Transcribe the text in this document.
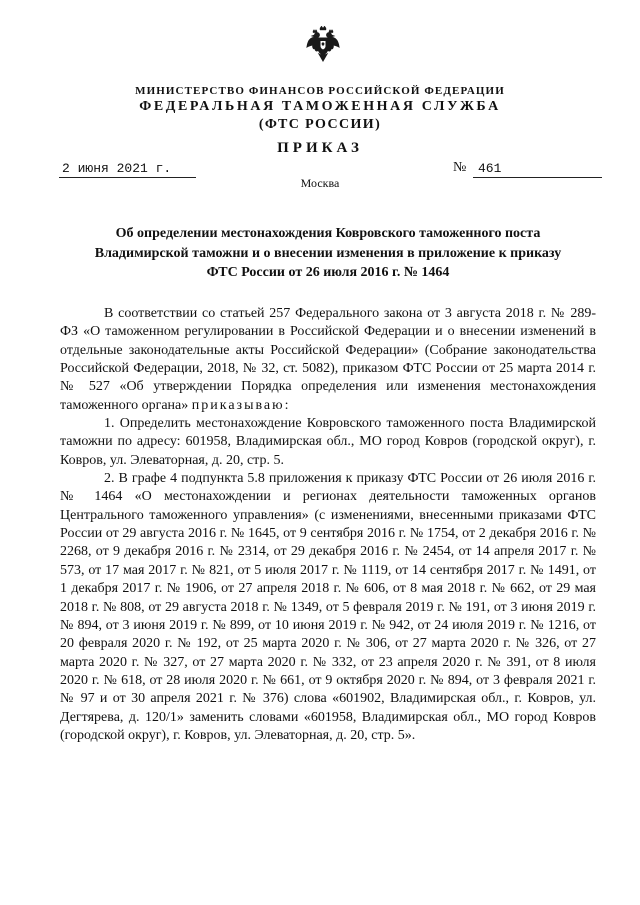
МИНИСТЕРСТВО ФИНАНСОВ РОССИЙСКОЙ ФЕДЕРАЦИИ
ФЕДЕРАЛЬНАЯ ТАМОЖЕННАЯ СЛУЖБА
(ФТС РОССИИ)
ПРИКАЗ
2 июня 2021 г.	№ 461
Москва
Об определении местонахождения Ковровского таможенного поста
Владимирской таможни и о внесении изменения в приложение к приказу
ФТС России от 26 июля 2016 г. № 1464

В соответствии со статьей 257 Федерального закона от 3 августа 2018 г. № 289-ФЗ «О таможенном регулировании в Российской Федерации и о внесении изменений в отдельные законодательные акты Российской Федерации» (Собрание законодательства Российской Федерации, 2018, № 32, ст. 5082), приказом ФТС России от 25 марта 2014 г. № 527 «Об утверждении Порядка определения или изменения местонахождения таможенного органа» приказываю:

1. Определить местонахождение Ковровского таможенного поста Владимирской таможни по адресу: 601958, Владимирская обл., МО город Ковров (городской округ), г. Ковров, ул. Элеваторная, д. 20, стр. 5.

2. В графе 4 подпункта 5.8 приложения к приказу ФТС России от 26 июля 2016 г. № 1464 «О местонахождении и регионах деятельности таможенных органов Центрального таможенного управления» (с изменениями, внесенными приказами ФТС России от 29 августа 2016 г. № 1645, от 9 сентября 2016 г. № 1754, от 2 декабря 2016 г. № 2268, от 9 декабря 2016 г. № 2314, от 29 декабря 2016 г. № 2454, от 14 апреля 2017 г. № 573, от 17 мая 2017 г. № 821, от 5 июля 2017 г. № 1119, от 14 сентября 2017 г. № 1491, от 1 декабря 2017 г. № 1906, от 27 апреля 2018 г. № 606, от 8 мая 2018 г. № 662, от 29 мая 2018 г. № 808, от 29 августа 2018 г. № 1349, от 5 февраля 2019 г. № 191, от 3 июня 2019 г. № 894, от 3 июня 2019 г. № 899, от 10 июня 2019 г. № 942, от 24 июля 2019 г. № 1216, от 20 февраля 2020 г. № 192, от 25 марта 2020 г. № 306, от 27 марта 2020 г. № 326, от 27 марта 2020 г. № 327, от 27 марта 2020 г. № 332, от 23 апреля 2020 г. № 391, от 8 июля 2020 г. № 618, от 28 июля 2020 г. № 661, от 9 октября 2020 г. № 894, от 3 февраля 2021 г. № 97 и от 30 апреля 2021 г. № 376) слова «601902, Владимирская обл., г. Ковров, ул. Дегтярева, д. 120/1» заменить словами «601958, Владимирская обл., МО город Ковров (городской округ), г. Ковров, ул. Элеваторная, д. 20, стр. 5».
